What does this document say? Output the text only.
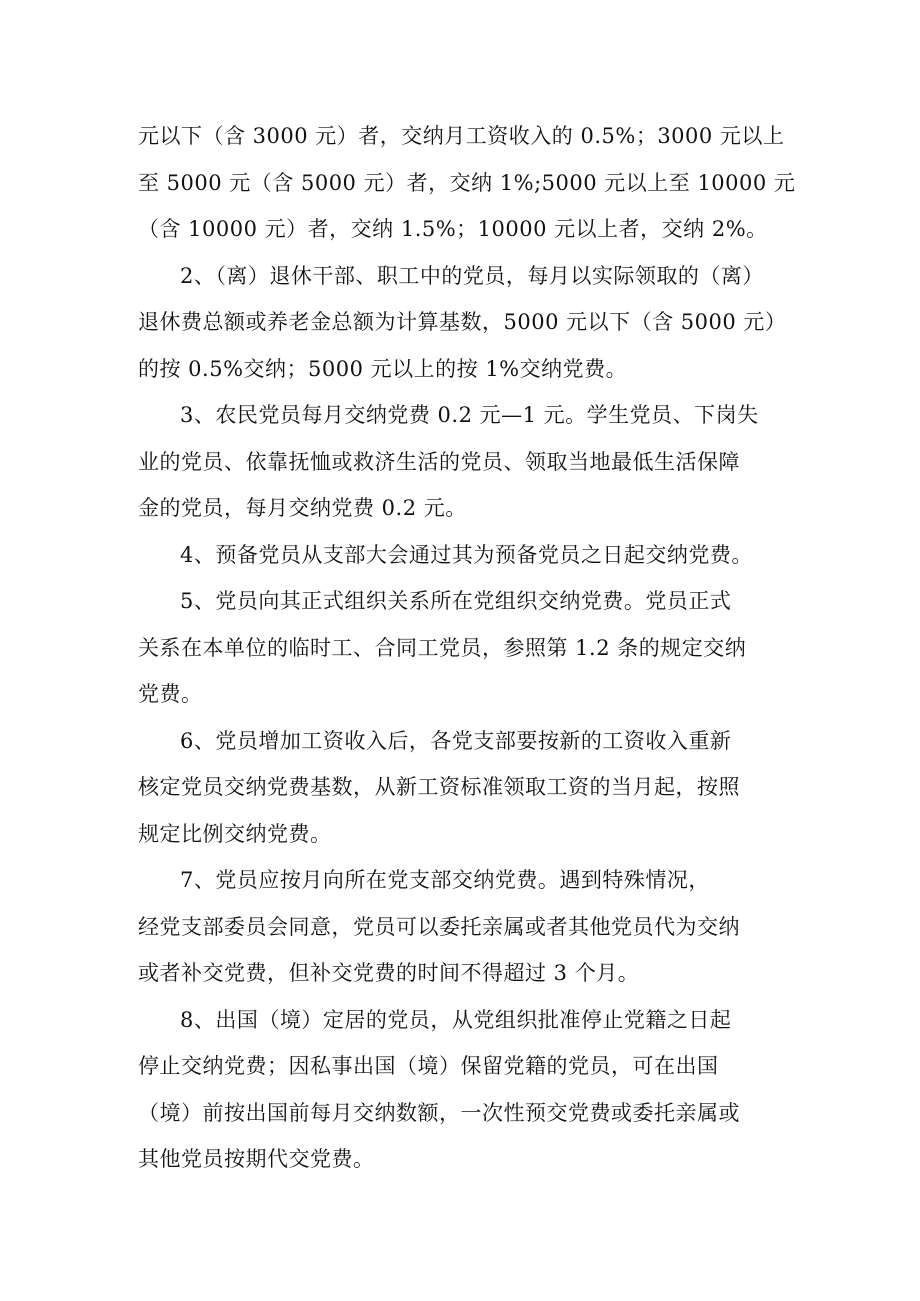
元以下（含 3000 元）者，交纳月工资收入的 0.5%；3000 元以上
至 5000 元（含 5000 元）者，交纳 1%;5000 元以上至 10000 元
（含 10000 元）者，交纳 1.5%；10000 元以上者，交纳 2%。

2、（离）退休干部、职工中的党员，每月以实际领取的（离）
退休费总额或养老金总额为计算基数，5000 元以下（含 5000 元）
的按 0.5%交纳；5000 元以上的按 1%交纳党费。

3、农民党员每月交纳党费 0.2 元—1 元。学生党员、下岗失
业的党员、依靠抚恤或救济生活的党员、领取当地最低生活保障
金的党员，每月交纳党费 0.2 元。

4、预备党员从支部大会通过其为预备党员之日起交纳党费。

5、党员向其正式组织关系所在党组织交纳党费。党员正式
关系在本单位的临时工、合同工党员，参照第 1.2 条的规定交纳
党费。

6、党员增加工资收入后，各党支部要按新的工资收入重新
核定党员交纳党费基数，从新工资标准领取工资的当月起，按照
规定比例交纳党费。

7、党员应按月向所在党支部交纳党费。遇到特殊情况，
经党支部委员会同意，党员可以委托亲属或者其他党员代为交纳
或者补交党费，但补交党费的时间不得超过 3 个月。

8、出国（境）定居的党员，从党组织批准停止党籍之日起
停止交纳党费；因私事出国（境）保留党籍的党员，可在出国
（境）前按出国前每月交纳数额，一次性预交党费或委托亲属或
其他党员按期代交党费。
